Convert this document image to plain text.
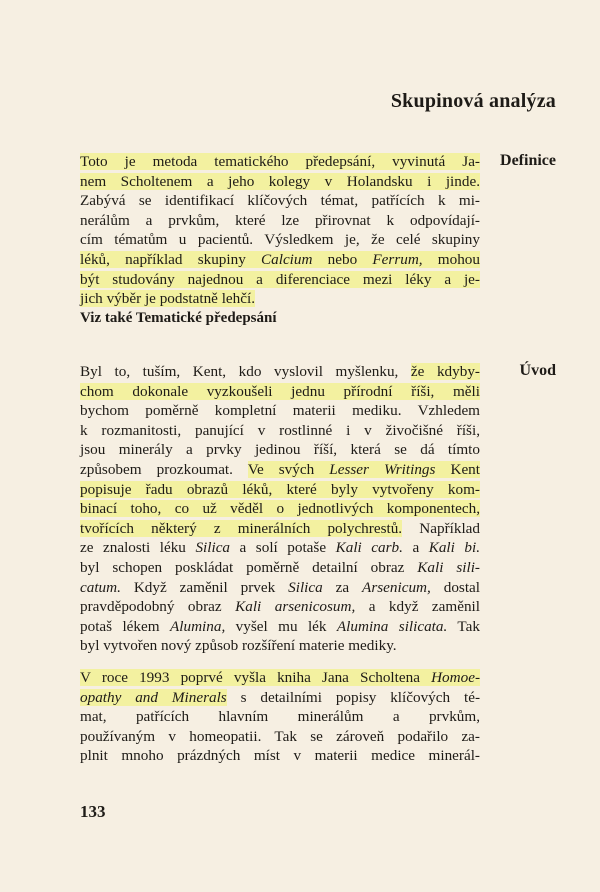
Skupinová analýza
Definice

Toto je metoda tematického předepsání, vyvinutá Ja-
nem Scholtenem a jeho kolegy v Holandsku i jinde.
Zabývá se identifikací klíčových témat, patřících k mi-
nerálům a prvkům, které lze přirovnat k odpovídají-
cím tématům u pacientů. Výsledkem je, že celé skupiny
léků, například skupiny Calcium nebo Ferrum, mohou
být studovány najednou a diferenciace mezi léky a je-
jich výběr je podstatně lehčí.

Viz také Tematické předepsání
Úvod

Byl to, tuším, Kent, kdo vyslovil myšlenku, že kdyby-
chom dokonale vyzkoušeli jednu přírodní říši, měli
bychom poměrně kompletní materii mediku. Vzhledem
k rozmanitosti, panující v rostlinné i v živočišné říši,
jsou minerály a prvky jedinou říší, která se dá tímto
způsobem prozkoumat. Ve svých Lesser Writings Kent
popisuje řadu obrazů léků, které byly vytvořeny kom-
binací toho, co už věděl o jednotlivých komponentech,
tvořících některý z minerálních polychrestů. Například
ze znalosti léku Silica a solí potaše Kali carb. a Kali bi.
byl schopen poskládat poměrně detailní obraz Kali sili-
catum. Když zaměnil prvek Silica za Arsenicum, dostal
pravděpodobný obraz Kali arsenicosum, a když zaměnil
potaš lékem Alumina, vyšel mu lék Alumina silicata. Tak
byl vytvořen nový způsob rozšíření materie mediky.

V roce 1993 poprvé vyšla kniha Jana Scholtena Homoe-
opathy and Minerals s detailními popisy klíčových té-
mat, patřících hlavním minerálům a prvkům,
používaným v homeopatii. Tak se zároveň podařilo za-
plnit mnoho prázdných míst v materii medice minerál-

133
